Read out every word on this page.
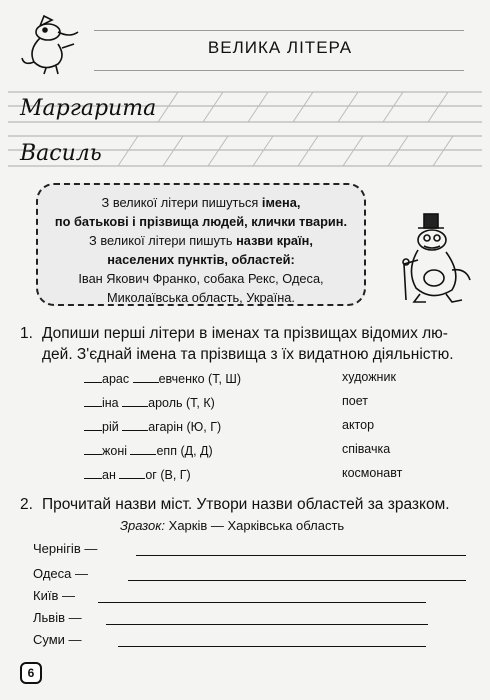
ВЕЛИКА ЛІТЕРА
Маргарита
Василь
З великої літери пишуться імена,
по батькові і прізвища людей, клички тварин.
З великої літери пишуть назви країн,
населених пунктів, областей:
Іван Якович Франко, собака Рекс, Одеса,
Миколаївська область, Україна.
1. Допиши перші літери в іменах та прізвищах відомих лю-
дей. З'єднай імена та прізвища з їх видатною діяльністю.
арас евченко (Т, Ш)
іна ароль (Т, К)
рій агарін (Ю, Г)
жоні епп (Д, Д)
ан ог (В, Г)
художник
поет
актор
співачка
космонавт
2. Прочитай назви міст. Утвори назви областей за зразком.
Зразок: Харків — Харківська область
Чернігів —
Одеса —
Київ —
Львів —
Суми —
6
